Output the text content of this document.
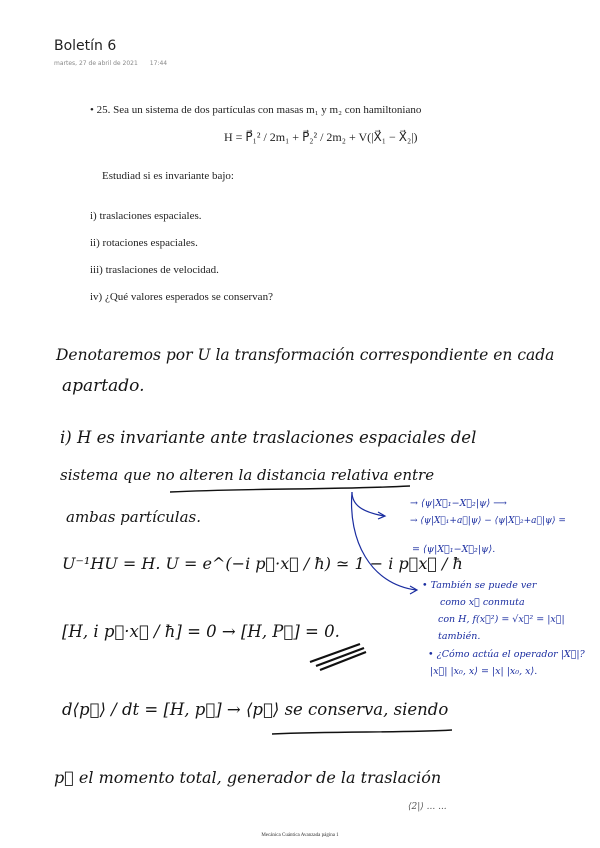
Boletín 6
martes, 27 de abril de 2021 17:44
• 25. Sea un sistema de dos partículas con masas m₁ y m₂ con hamiltoniano
H = P⃗₁² / 2m₁ + P⃗₂² / 2m₂ + V(|X⃗₁ − X⃗₂|)
Estudiad si es invariante bajo:
i) traslaciones espaciales.
ii) rotaciones espaciales.
iii) traslaciones de velocidad.
iv) ¿Qué valores esperados se conservan?
Denotaremos por U la transformación correspondiente en cada
apartado.
i) H es invariante ante traslaciones espaciales del
sistema que no alteren la distancia relativa entre
ambas partículas.
U⁻¹HU = H. U = e^(−i p⃗·x⃗ / ħ) ≃ 1 − i p⃗x⃗ / ħ
[H, i p⃗·x⃗ / ħ] = 0 → [H, P⃗] = 0.
d⟨p⃗⟩ / dt = [H, p⃗] → ⟨p⃗⟩ se conserva, siendo
p⃗ el momento total, generador de la traslación
⟨2|⟩ ... ...
→ ⟨ψ|X⃗₁−X⃗₂|ψ⟩ ⟶
→ ⟨ψ|X⃗₁+a⃗|ψ⟩ − ⟨ψ|X⃗₂+a⃗|ψ⟩ =
= ⟨ψ|X⃗₁−X⃗₂|ψ⟩.
• También se puede ver
como x⃗ conmuta
con H, f(x⃗²) = √x⃗² = |x⃗|
también.
• ¿Cómo actúa el operador |X⃗|?
|x⃗| |x₀, x⟩ = |x| |x₀, x⟩.
Mecánica Cuántica Avanzada página 1
